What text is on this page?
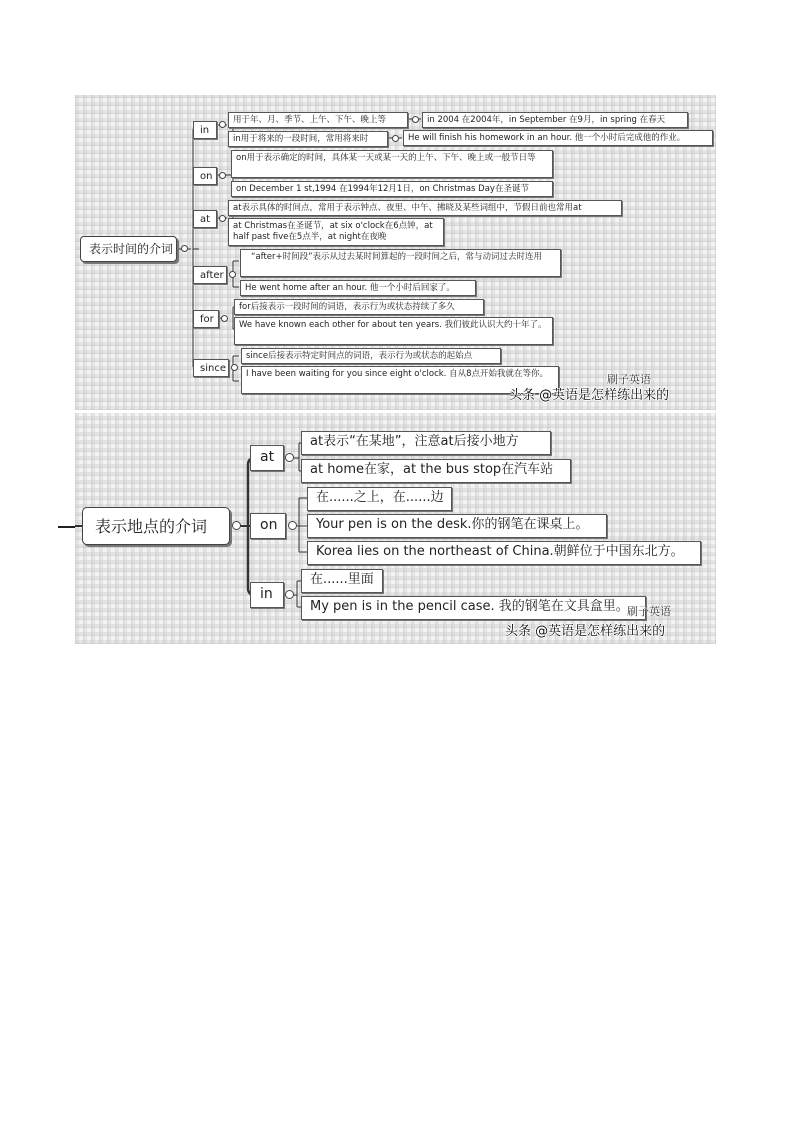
表示时间的介词
in
用于年、月、季节、上午、下午、晚上等	in 2004 在2004年，in September 在9月，in spring 在春天
in用于将来的一段时间，常用将来时	He will finish his homework in an hour. 他一个小时后完成他的作业。
on
on用于表示确定的时间，具体某一天或某一天的上午、下午、晚上或一般节日等
on December 1 st,1994 在1994年12月1日，on Christmas Day在圣诞节
at
at表示具体的时间点，常用于表示钟点、夜里、中午、拂晓及某些词组中，节假日前也常用at
at Christmas在圣诞节，at six o'clock在6点钟，at half past five在5点半，at night在夜晚
after
“after+时间段”表示从过去某时间算起的一段时间之后，常与动词过去时连用
He went home after an hour. 他一个小时后回家了。
for
for后接表示一段时间的词语，表示行为或状态持续了多久
We have known each other for about ten years. 我们彼此认识大约十年了。
since
since后接表示特定时间点的词语，表示行为或状态的起始点
I have been waiting for you since eight o'clock. 自从8点开始我就在等你。	刷子英语
头条 @英语是怎样练出来的
表示地点的介词
at
at表示“在某地”，注意at后接小地方
at home在家，at the bus stop在汽车站
on
在......之上，在......边
Your pen is on the desk.你的钢笔在课桌上。
Korea lies on the northeast of China.朝鲜位于中国东北方。
in
在......里面
My pen is in the pencil case. 我的钢笔在文具盒里。
刷子英语
头条 @英语是怎样练出来的
